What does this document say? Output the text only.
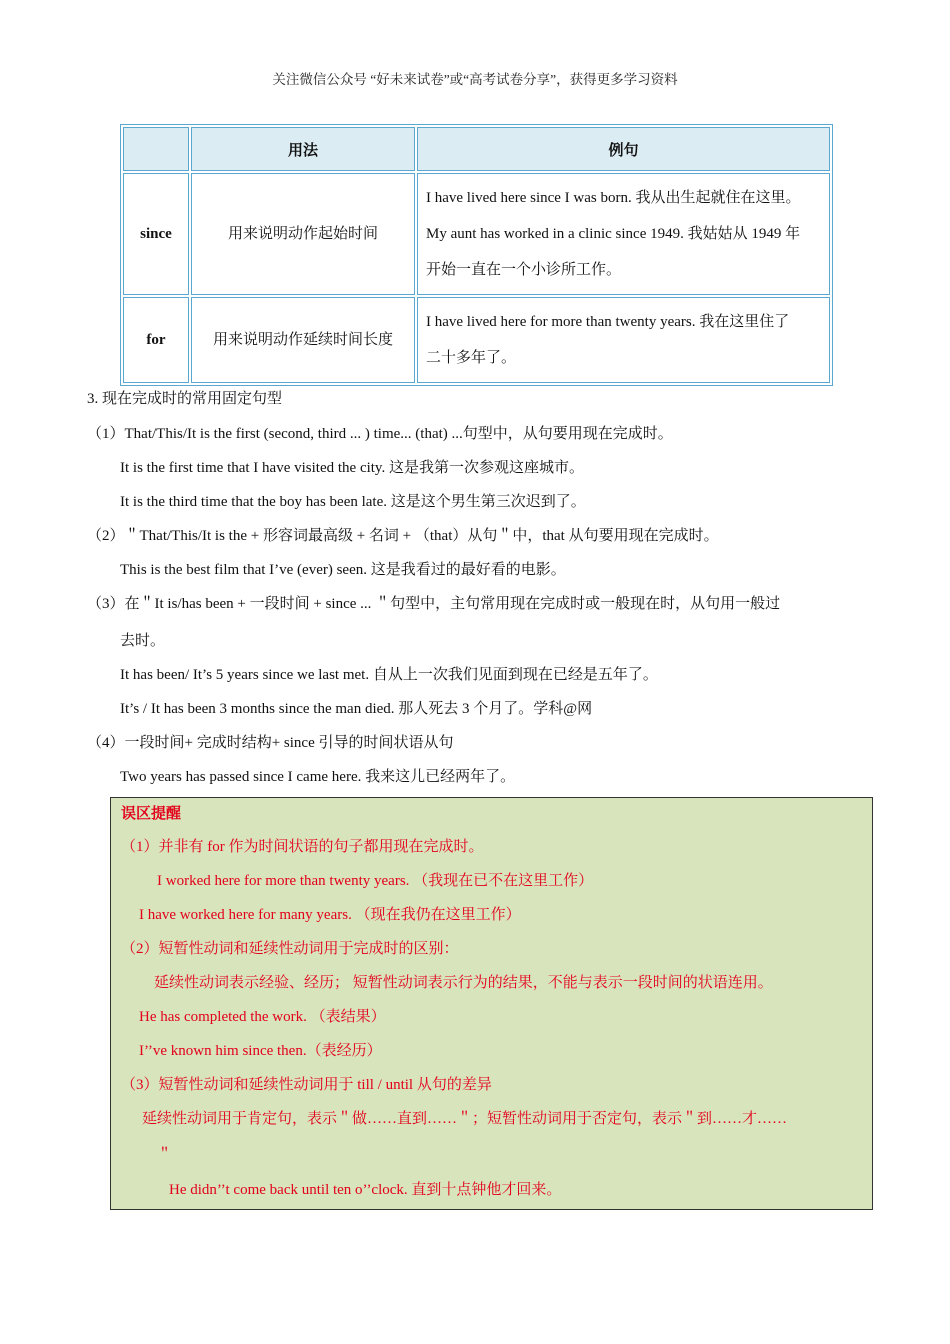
关注微信公众号 “好未来试卷”或“高考试卷分享”，获得更多学习资料
	用法	例句
since	用来说明动作起始时间	I have lived here since I was born. 我从出生起就住在这里。
My aunt has worked in a clinic since 1949. 我姑姑从 1949 年
开始一直在一个小诊所工作。

for	用来说明动作延续时间长度	I have lived here for more than twenty years. 我在这里住了
二十多年了。
3. 现在完成时的常用固定句型
（1）That/This/It is the first (second, third ... ) time... (that) ...句型中，从句要用现在完成时。
It is the first time that I have visited the city. 这是我第一次参观这座城市。
It is the third time that the boy has been late. 这是这个男生第三次迟到了。
（2）＂That/This/It is the + 形容词最高级 + 名词 + （that）从句＂中，that 从句要用现在完成时。
This is the best film that I’ve (ever) seen. 这是我看过的最好看的电影。
（3）在＂It is/has been + 一段时间 + since ... ＂句型中，主句常用现在完成时或一般现在时，从句用一般过
去时。
It has been/ It’s 5 years since we last met. 自从上一次我们见面到现在已经是五年了。
It’s / It has been 3 months since the man died. 那人死去 3 个月了。学科@网
（4）一段时间+ 完成时结构+ since 引导的时间状语从句
Two years has passed since I came here. 我来这儿已经两年了。
误区提醒
（1）并非有 for 作为时间状语的句子都用现在完成时。
I worked here for more than twenty years. （我现在已不在这里工作）
I have worked here for many years. （现在我仍在这里工作）
（2）短暂性动词和延续性动词用于完成时的区别：
延续性动词表示经验、经历； 短暂性动词表示行为的结果，不能与表示一段时间的状语连用。
He has completed the work. （表结果）
I’’ve known him since then.（表经历）
（3）短暂性动词和延续性动词用于 till / until 从句的差异
延续性动词用于肯定句，表示＂做……直到……＂；短暂性动词用于否定句，表示＂到……才……
＂
He didn’’t come back until ten o’’clock. 直到十点钟他才回来。
